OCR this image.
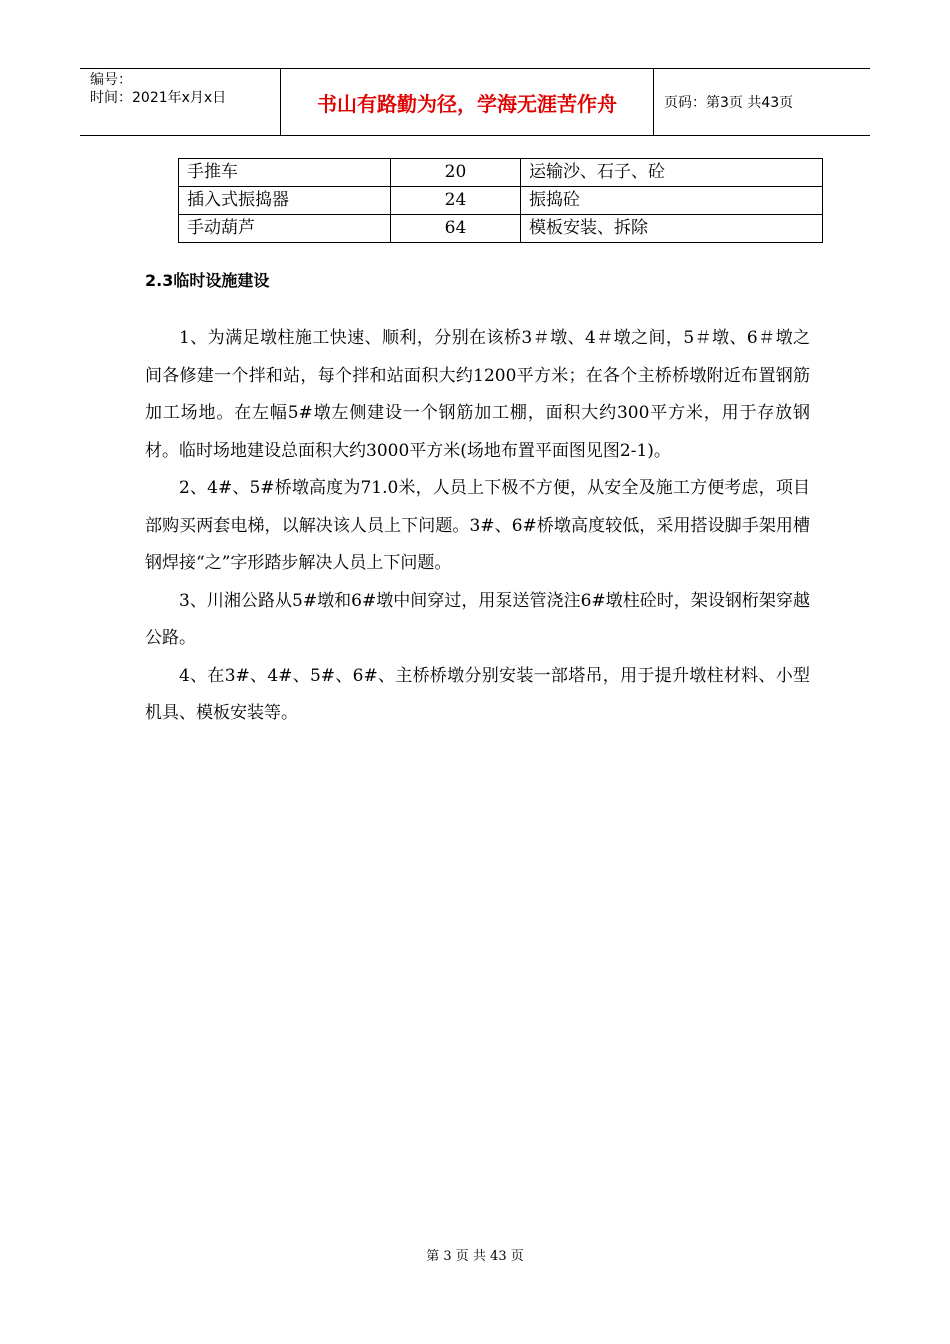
编号：
时间：2021年x月x日	书山有路勤为径，学海无涯苦作舟	页码：第3页 共43页
手推车	20	运输沙、石子、砼
插入式振捣器	24	振捣砼
手动葫芦	64	模板安装、拆除
2.3临时设施建设

1、为满足墩柱施工快速、顺利，分别在该桥3＃墩、4＃墩之间，5＃墩、6＃墩之间各修建一个拌和站，每个拌和站面积大约1200平方米；在各个主桥桥墩附近布置钢筋加工场地。在左幅5#墩左侧建设一个钢筋加工棚，面积大约300平方米，用于存放钢材。临时场地建设总面积大约3000平方米(场地布置平面图见图2-1)。

2、4#、5#桥墩高度为71.0米，人员上下极不方便，从安全及施工方便考虑，项目部购买两套电梯，以解决该人员上下问题。3#、6#桥墩高度较低，采用搭设脚手架用槽钢焊接“之”字形踏步解决人员上下问题。

3、川湘公路从5#墩和6#墩中间穿过，用泵送管浇注6#墩柱砼时，架设钢桁架穿越公路。

4、在3#、4#、5#、6#、主桥桥墩分别安装一部塔吊，用于提升墩柱材料、小型机具、模板安装等。

第 3 页 共 43 页
